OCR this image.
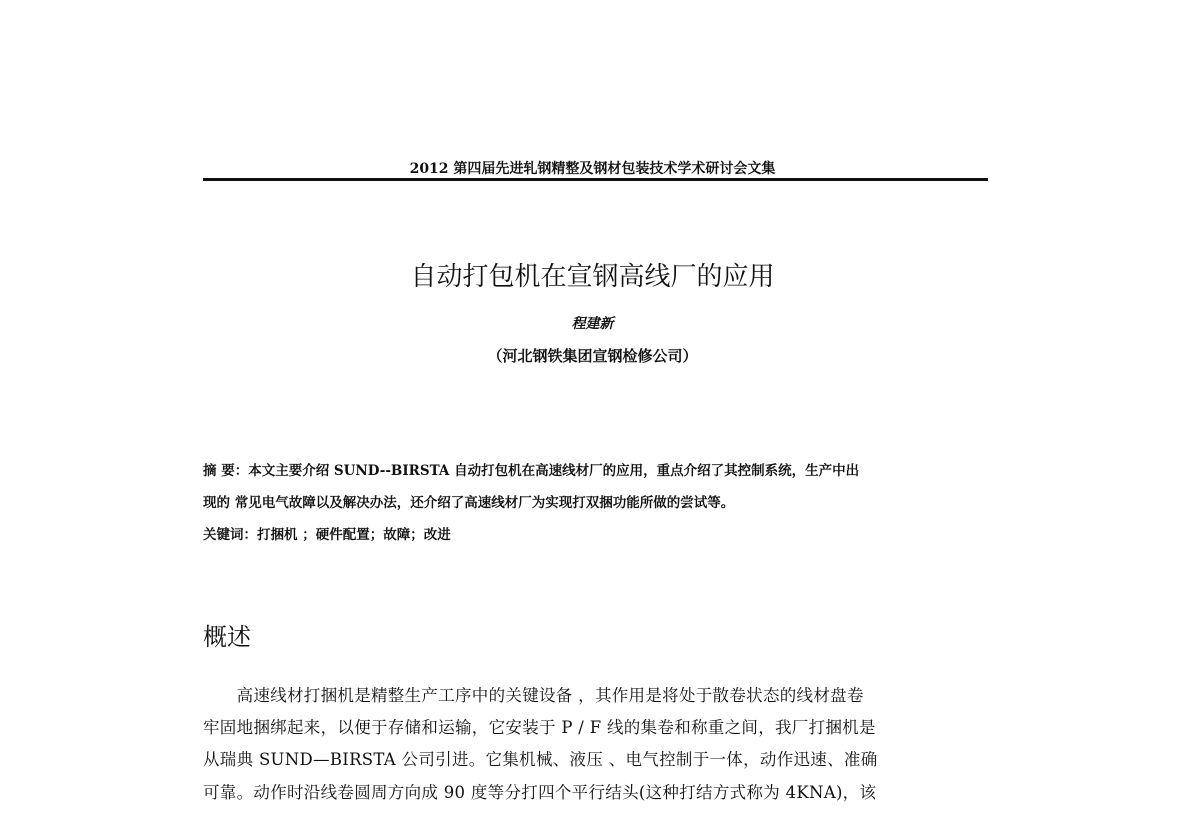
2012 第四届先进轧钢精整及钢材包装技术学术研讨会文集
自动打包机在宣钢高线厂的应用
程建新
（河北钢铁集团宣钢检修公司）
摘 要：本文主要介绍 SUND--BIRSTA 自动打包机在高速线材厂的应用，重点介绍了其控制系统，生产中出
现的 常见电气故障以及解决办法，还介绍了高速线材厂为实现打双捆功能所做的尝试等。
关键词：打捆机 ；硬件配置；故障；改进
概述
　　高速线材打捆机是精整生产工序中的关键设备 ，其作用是将处于散卷状态的线材盘卷
牢固地捆绑起来，以便于存储和运输，它安装于 P / F 线的集卷和称重之间，我厂打捆机是
从瑞典 SUND—BIRSTA 公司引进。它集机械、液压 、电气控制于一体，动作迅速、准确
可靠。动作时沿线卷圆周方向成 90 度等分打四个平行结头(这种打结方式称为 4KNA)，该
